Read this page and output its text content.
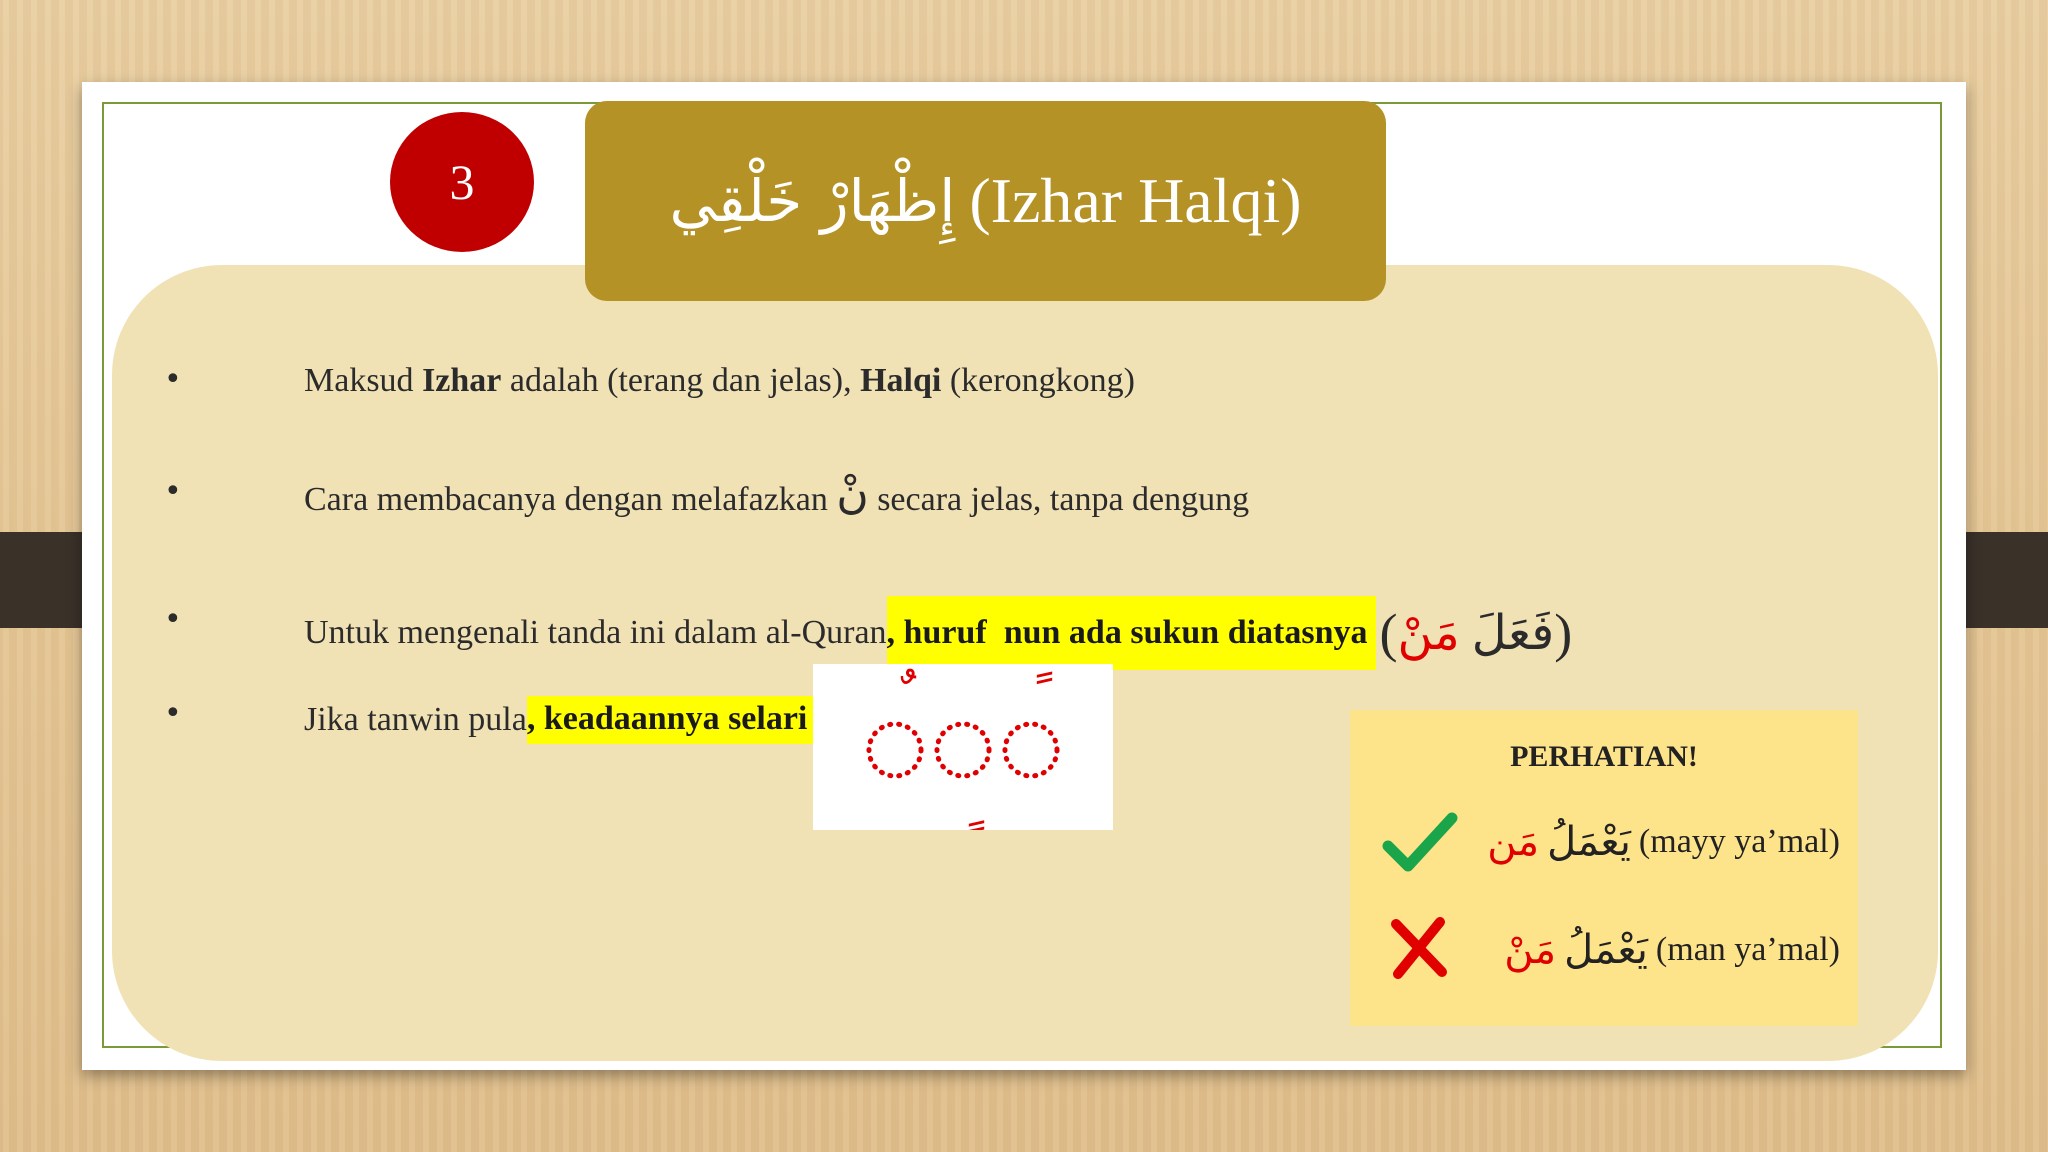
3	إِظْهَارْ خَلْقِي (Izhar Halqi)
•	Maksud Izhar adalah (terang dan jelas), Halqi (kerongkong)
•	Cara membacanya dengan melafazkan نْ secara jelas, tanpa dengung
•	Untuk mengenali tanda ini dalam al-Quran , huruf  nun ada sukun diatasnya ( مَنْ فَعَلَ )
•	Jika tanwin pula , keadaannya selari
PERHATIAN!
مَن يَعْمَلُ (mayy ya’mal)
مَنْ يَعْمَلُ (man ya’mal)
